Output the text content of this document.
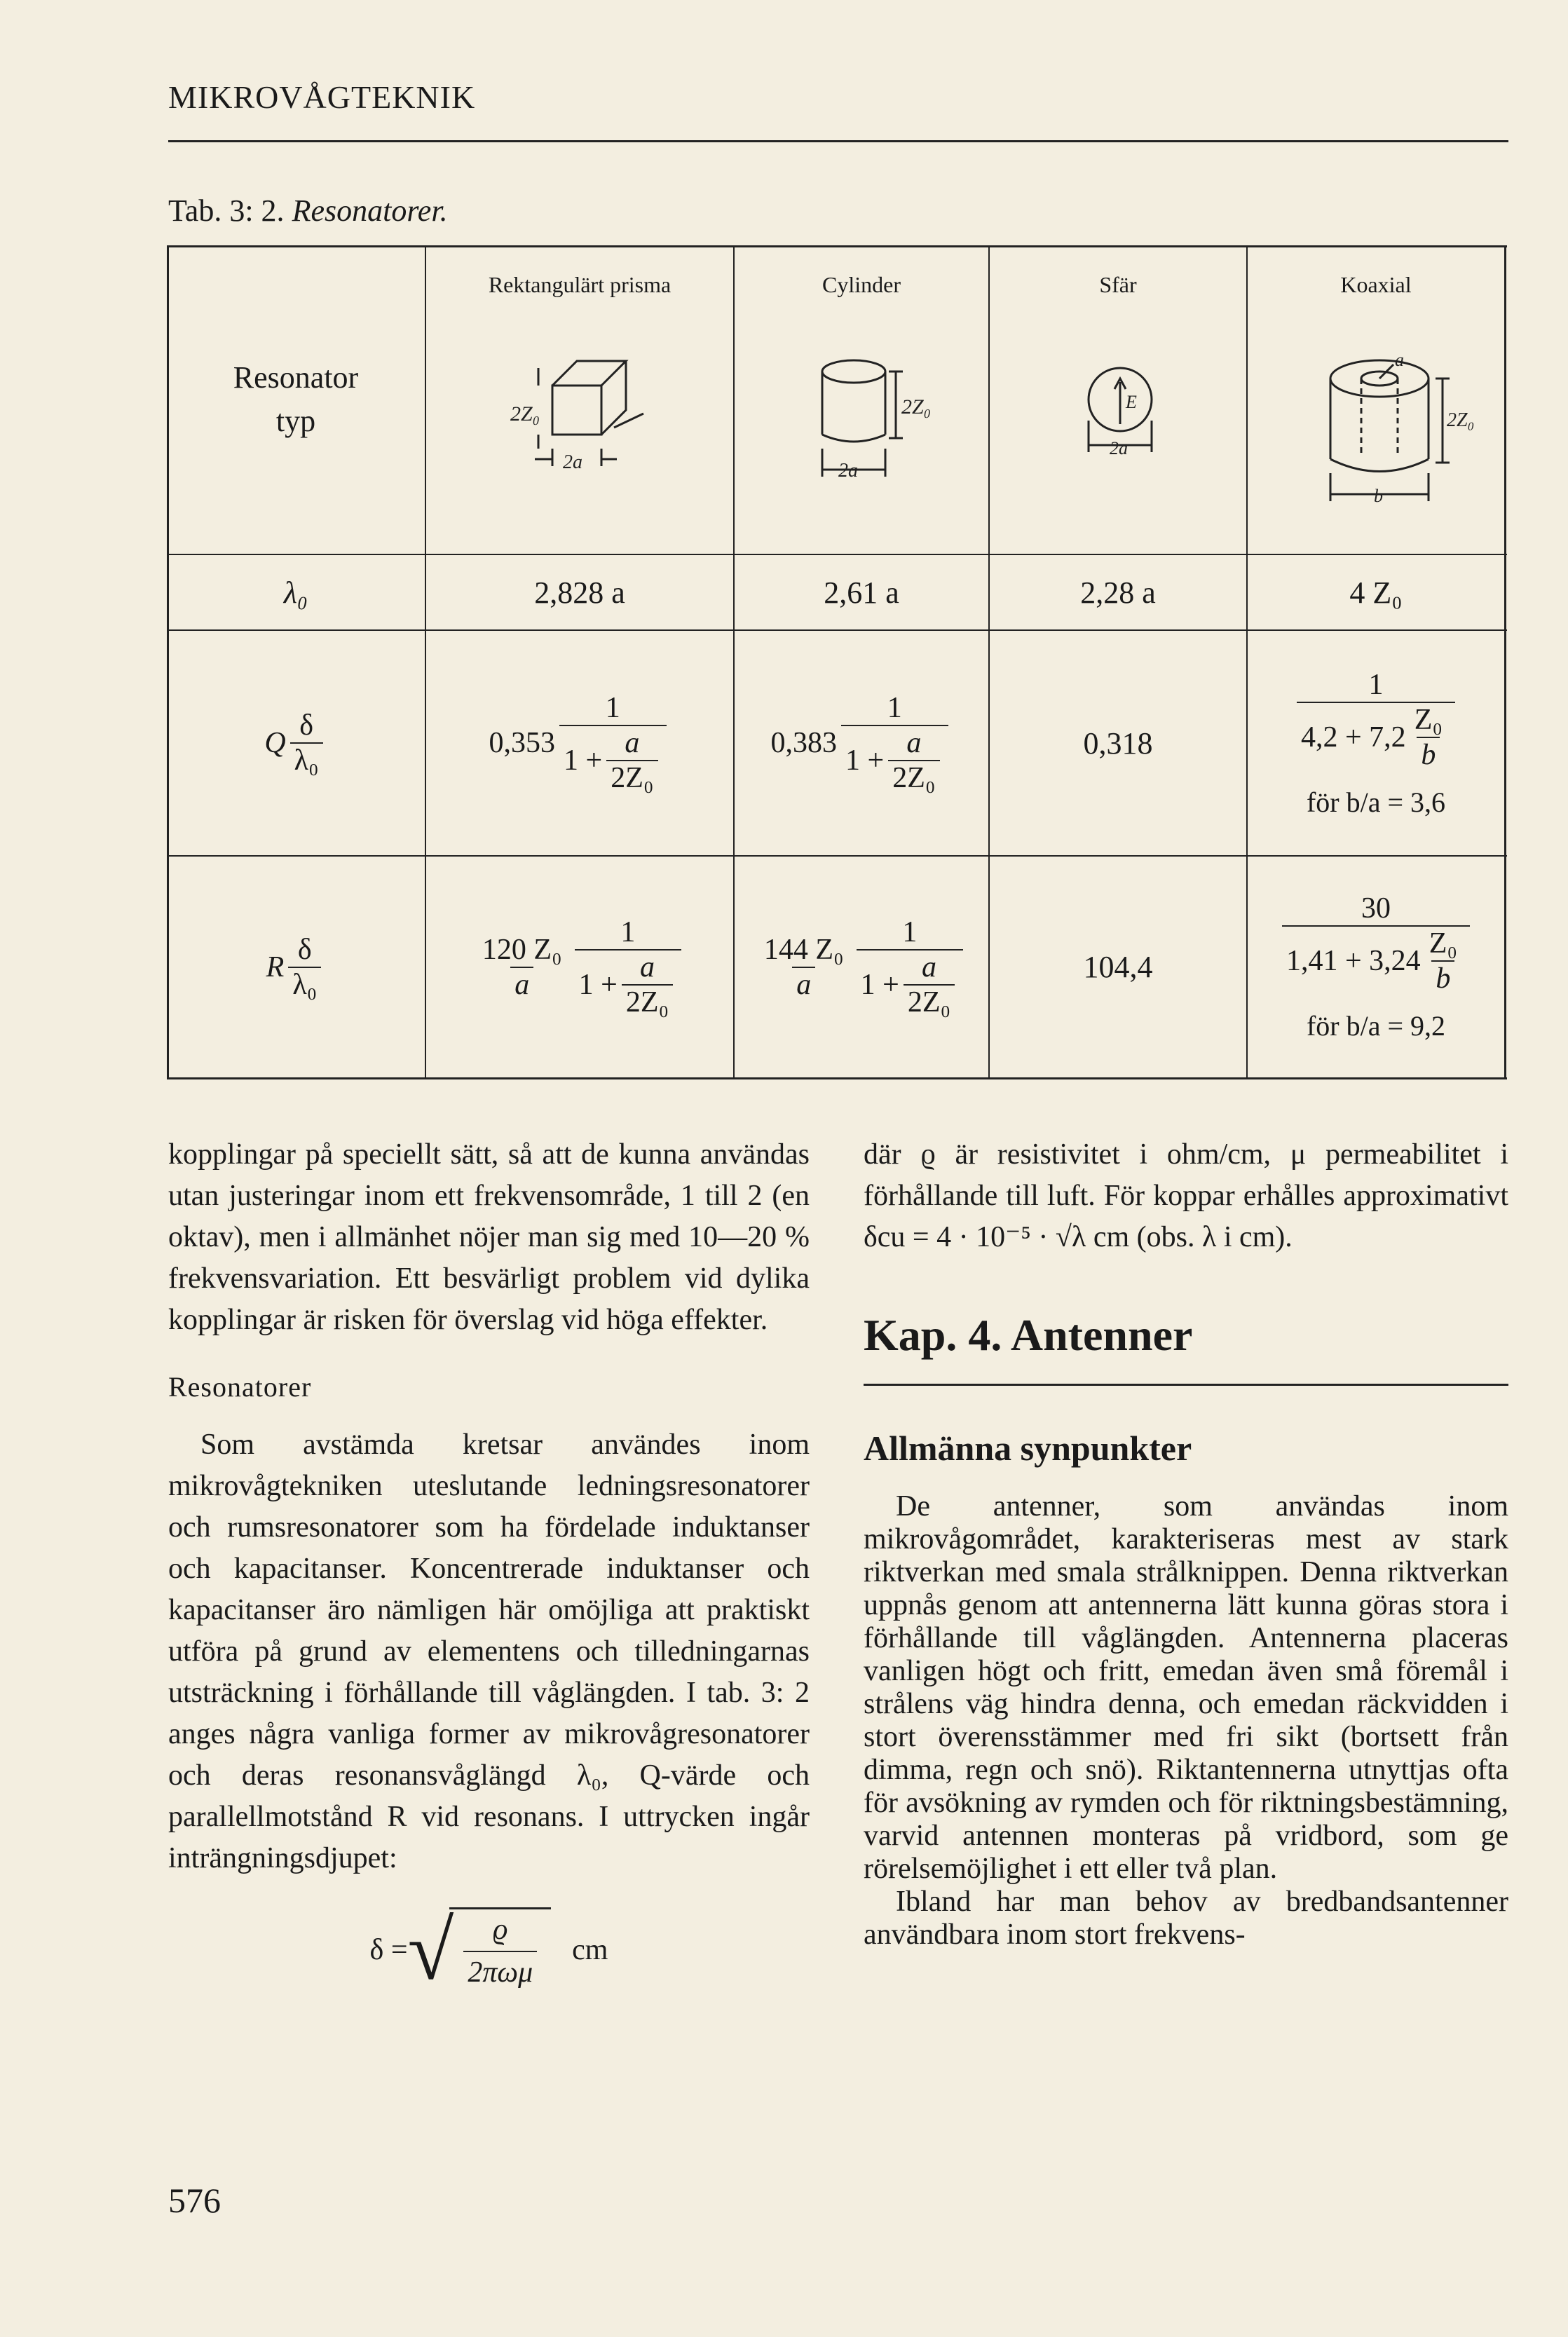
MIKROVÅGTEKNIK
Tab. 3: 2. Resonatorer.
Resonator
typ
Rektangulärt prisma	Cylinder	Sfär	Koaxial
2Z₀
2a
2Z₀
2a
E
2a
a
2Z₀
b
λ₀	2,828 a	2,61 a	2,28 a	4 Z₀
Q $\frac{\delta}{\text{λ₀}}$	$0,353 \frac{1}{1 + \frac{a}{\text{2Z₀}}}$	$0,383 \frac{1}{1 + \frac{a}{\text{2Z₀}}}$	0,318	$\frac{1}{4,2 + 7,2 \frac{\text{Z₀}}{b}}$
för b/a = 3,6
R $\frac{\delta}{\text{λ₀}}$	$\frac{\text{120 Z₀}}{a} \frac{1}{1 + \frac{a}{\text{2Z₀}}}$	$\frac{\text{144 Z₀}}{a} \frac{1}{1 + \frac{a}{\text{2Z₀}}}$	104,4	$\frac{30}{1,41 + 3,24 \frac{\text{Z₀}}{b}}$
för b/a = 9,2

kopplingar på speciellt sätt, så att de kunna användas utan justeringar inom ett frekvensområde, 1 till 2 (en oktav), men i allmänhet nöjer man sig med 10—20 % frekvensvariation. Ett besvärligt problem vid dylika kopplingar är risken för överslag vid höga effekter.

Resonatorer

Som avstämda kretsar användes inom mikrovågtekniken uteslutande ledningsresonatorer och rumsresonatorer som ha fördelade induktanser och kapacitanser. Koncentrerade induktanser och kapacitanser äro nämligen här omöjliga att praktiskt utföra på grund av elementens och tilledningarnas utsträckning i förhållande till våglängden. I tab. 3: 2 anges några vanliga former av mikrovågresonatorer och deras resonansvåglängd λ₀, Q-värde och parallellmotstånd R vid resonans. I uttrycken ingår inträngningsdjupet:

δ = √ $\frac{ϱ}{\text{2πωμ}}$ cm

där ϱ är resistivitet i ohm/cm, μ permeabilitet i förhållande till luft. För koppar erhålles approximativt δcu = 4 · 10⁻⁵ · √λ cm (obs. λ i cm).

Kap. 4. Antenner
Allmänna synpunkter

De antenner, som användas inom mikrovågområdet, karakteriseras mest av stark riktverkan med smala strålknippen. Denna riktverkan uppnås genom att antennerna lätt kunna göras stora i förhållande till våglängden. Antennerna placeras vanligen högt och fritt, emedan även små föremål i strålens väg hindra denna, och emedan räckvidden i stort överensstämmer med fri sikt (bortsett från dimma, regn och snö). Riktantennerna utnyttjas ofta för avsökning av rymden och för riktningsbestämning, varvid antennen monteras på vridbord, som ge rörelsemöjlighet i ett eller två plan.

Ibland har man behov av bredbandsantenner användbara inom stort frekvens-

576
